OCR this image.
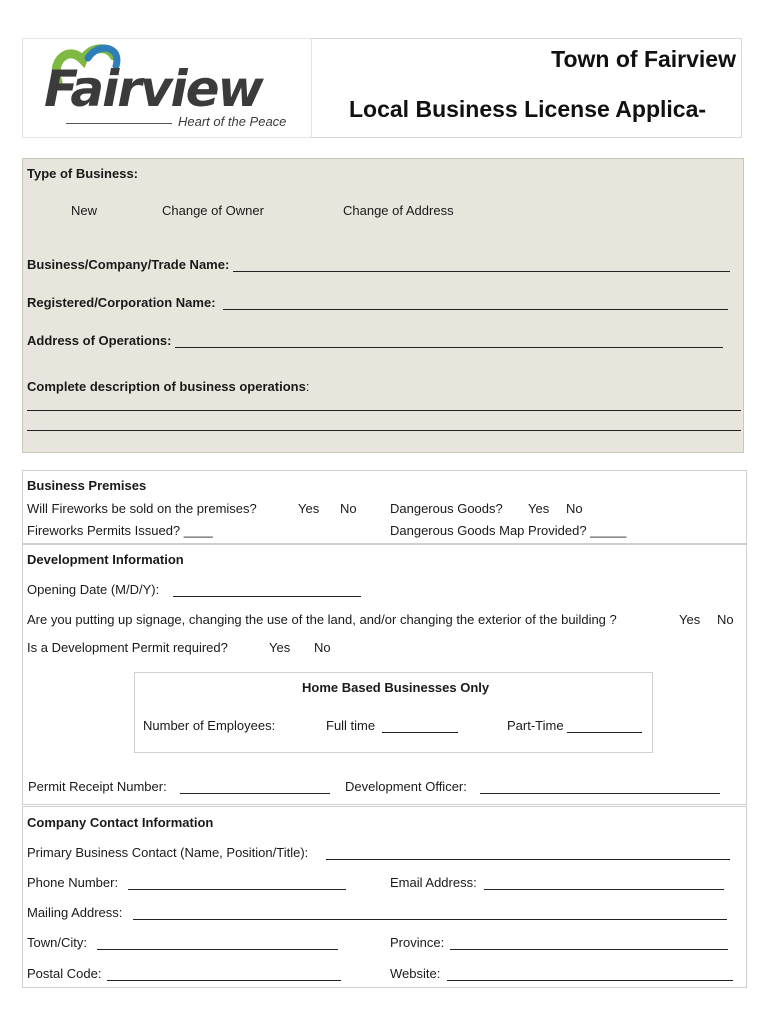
Fairview
Heart of the Peace
Town of Fairview
Local Business License Applica-
Type of Business:
New	Change of Owner	Change of Address
Business/Company/Trade Name:
Registered/Corporation Name:
Address of Operations:
Complete description of business operations:
Business Premises
Will Fireworks be sold on the premises?	Yes No	Dangerous Goods? Yes No
Fireworks Permits Issued? ____	Dangerous Goods Map Provided? _____
Development Information
Opening Date (M/D/Y):
Are you putting up signage, changing the use of the land, and/or changing the exterior of the building ?	Yes No
Is a Development Permit required?	Yes No
Home Based Businesses Only
Number of Employees:	Full time	Part-Time
Permit Receipt Number:	Development Officer:
Company Contact Information
Primary Business Contact (Name, Position/Title):
Phone Number:	Email Address:
Mailing Address:
Town/City:	Province:
Postal Code:	Website:
